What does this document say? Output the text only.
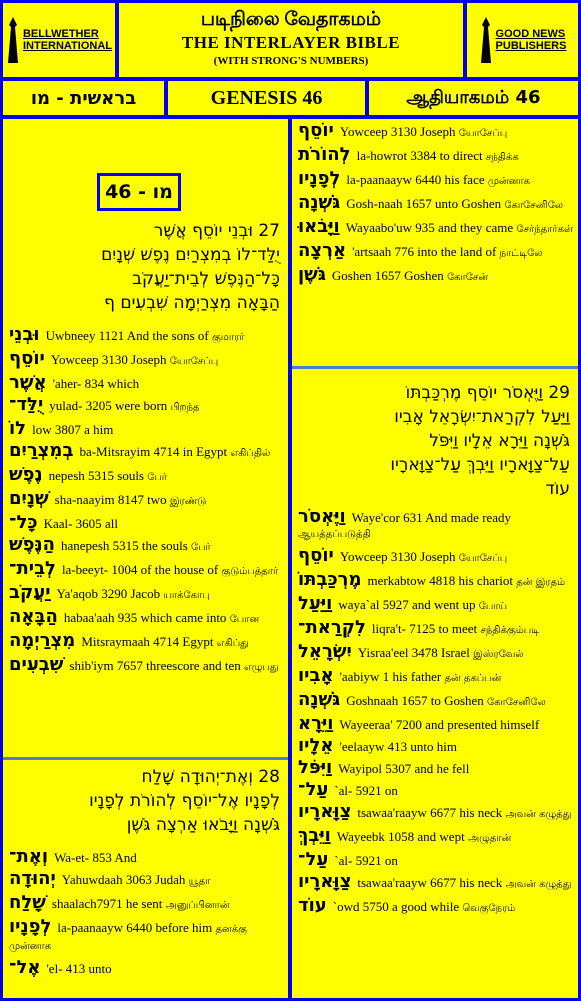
BELLWETHER
INTERNATIONAL
படிநிலை வேதாகமம்
THE INTERLAYER BIBLE
(WITH STRONG'S NUMBERS)
GOOD NEWS
PUBLISHERS
בראשית - מו	GENESIS 46	ஆதியாகமம் 46
מו - 46
27 וּבְנֵי יוֹסֵף אֲשֶׁר
יֻלַּד־לוֹ בְמִצְרַיִם נֶפֶשׁ שְׁנָיִם
כָּל־הַנֶּפֶשׁ לְבֵית־יַעֲקֹב
הַבָּאָה מִצְרַיְמָה שִׁבְעִים ף
וּבְנֵי Uwbneey 1121 And the sons of குமாரர்
יוֹסֵף Yowceep 3130 Joseph யோசேப்பு
אֲשֶׁר 'aher- 834 which
יֻלַּד־ yulad- 3205 were born பிறந்த
לוֹ low 3807 a him
בְמִצְרַיִם ba-Mitsrayim 4714 in Egypt எகிப்தில்
נֶפֶשׁ nepesh 5315 souls பேர்
שְׁנָיִם sha-naayim 8147 two இரண்டு
כָּל־ Kaal- 3605 all
הַנֶּפֶשׁ hanepesh 5315 the souls பேர்
לְבֵית־ la-beeyt- 1004 of the house of குடும்பத்தார்
יַעֲקֹב Ya'aqob 3290 Jacob யாக்கோபு
הַבָּאָה habaa'aah 935 which came into போன
מִצְרַיְמָה Mitsraymaah 4714 Egypt எகிப்து
שִׁבְעִים shib'iym 7657 threescore and ten எழுபது
28 וְאֶת־יְהוּדָה שָׁלַח
לְפָנָיו אֶל־יוֹסֵף לְהוֹרֹת לְפָנָיו
גֹּשְׁנָה וַיָּבֹאוּ אַרְצָה גֹּשֶׁן
וְאֶת־ Wa-et- 853 And
יְהוּדָה Yahuwdaah 3063 Judah யூதா
שָׁלַח shaalach7971 he sent அனுப்பினான்
לְפָנָיו la-paanaayw 6440 before him தனக்கு முன்னாக
אֶל־ 'el- 413 unto
יוֹסֵף Yowceep 3130 Joseph யோசேப்பு
לְהוֹרֹת la-howrot 3384 to direct சந்திக்க
לְפָנָיו la-paanaayw 6440 his face முன்னாக
גֹּשְׁנָה Gosh-naah 1657 unto Goshen கோசேனிலே
וַיָּבֹאוּ Wayaabo'uw 935 and they came சேர்ந்தார்கள்
אַרְצָה 'artsaah 776 into the land of நாட்டிலே
גֹּשֶׁן Goshen 1657 Goshen கோசேன்
29 וַיֶּאְסֹר יוֹסֵף מֶרְכַּבְתּוֹ
וַיַּעַל לִקְרַאת־יִשְׂרָאֵל אָבִיו
גֹּשְׁנָה וַיֵּרָא אֵלָיו וַיִּפֹּל
עַל־צַוָּארָיו וַיֵּבְךְּ עַל־צַוָּארָיו
עוֹד
וַיֶּאְסֹר Waye'cor 631 And made ready ஆயத்தப்படுத்தி
יוֹסֵף Yowceep 3130 Joseph யோசேப்பு
מֶרְכַּבְתּוֹ merkabtow 4818 his chariot தன் இரதம்
וַיַּעַל waya`al 5927 and went up போய்
לִקְרַאת־ liqra't- 7125 to meet சந்திக்கும்படி
יִשְׂרָאֵל Yisraa'eel 3478 Israel இஸ்ரவேல்
אָבִיו 'aabiyw 1 his father தன் தகப்பன்
גֹּשְׁנָה Goshnaah 1657 to Goshen கோசேனிலே
וַיֵּרָא Wayeeraa' 7200 and presented himself
אֵלָיו 'eelaayw 413 unto him
וַיִּפֹּל Wayipol 5307 and he fell
עַל־ `al- 5921 on
צַוָּארָיו tsawaa'raayw 6677 his neck அவன் கழுத்து
וַיֵּבְךְּ Wayeebk 1058 and wept அழுதான்
עַל־ `al- 5921 on
צַוָּארָיו tsawaa'raayw 6677 his neck அவன் கழுத்து
עוֹד `owd 5750 a good while வெகுநேரம்
